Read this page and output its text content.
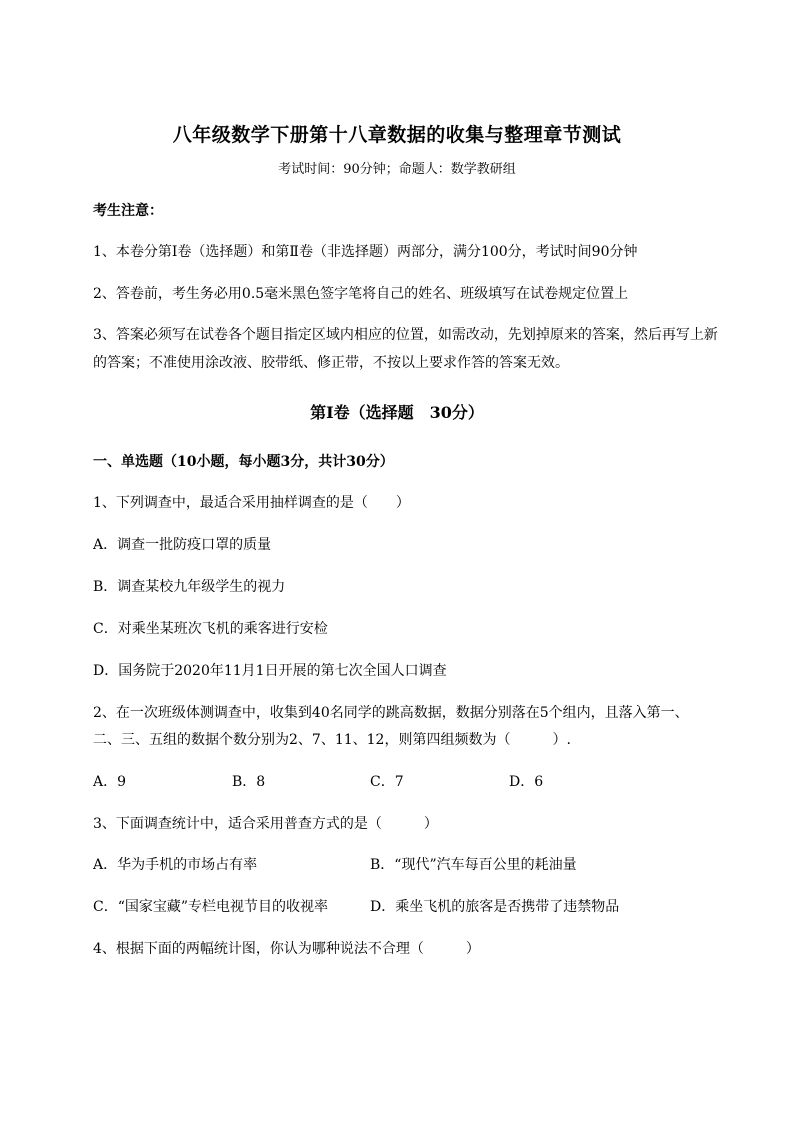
八年级数学下册第十八章数据的收集与整理章节测试
考试时间：90分钟；命题人：数学教研组
考生注意：
1、本卷分第I卷（选择题）和第Ⅱ卷（非选择题）两部分，满分100分，考试时间90分钟
2、答卷前，考生务必用0.5毫米黑色签字笔将自己的姓名、班级填写在试卷规定位置上
3、答案必须写在试卷各个题目指定区域内相应的位置，如需改动，先划掉原来的答案，然后再写上新
的答案；不准使用涂改液、胶带纸、修正带，不按以上要求作答的答案无效。
第I卷（选择题　30分）
一、单选题（10小题，每小题3分，共计30分）
1、下列调查中，最适合采用抽样调查的是（　　）
A．调查一批防疫口罩的质量
B．调查某校九年级学生的视力
C．对乘坐某班次飞机的乘客进行安检
D．国务院于2020年11月1日开展的第七次全国人口调查
2、在一次班级体测调查中，收集到40名同学的跳高数据，数据分别落在5个组内，且落入第一、
二、三、五组的数据个数分别为2、7、11、12，则第四组频数为（　　　）.
A．9	B．8	C．7	D．6
3、下面调查统计中，适合采用普查方式的是（　　　）
A．华为手机的市场占有率	B．“现代”汽车每百公里的耗油量
C．“国家宝藏”专栏电视节目的收视率	D．乘坐飞机的旅客是否携带了违禁物品
4、根据下面的两幅统计图，你认为哪种说法不合理（　　　）
